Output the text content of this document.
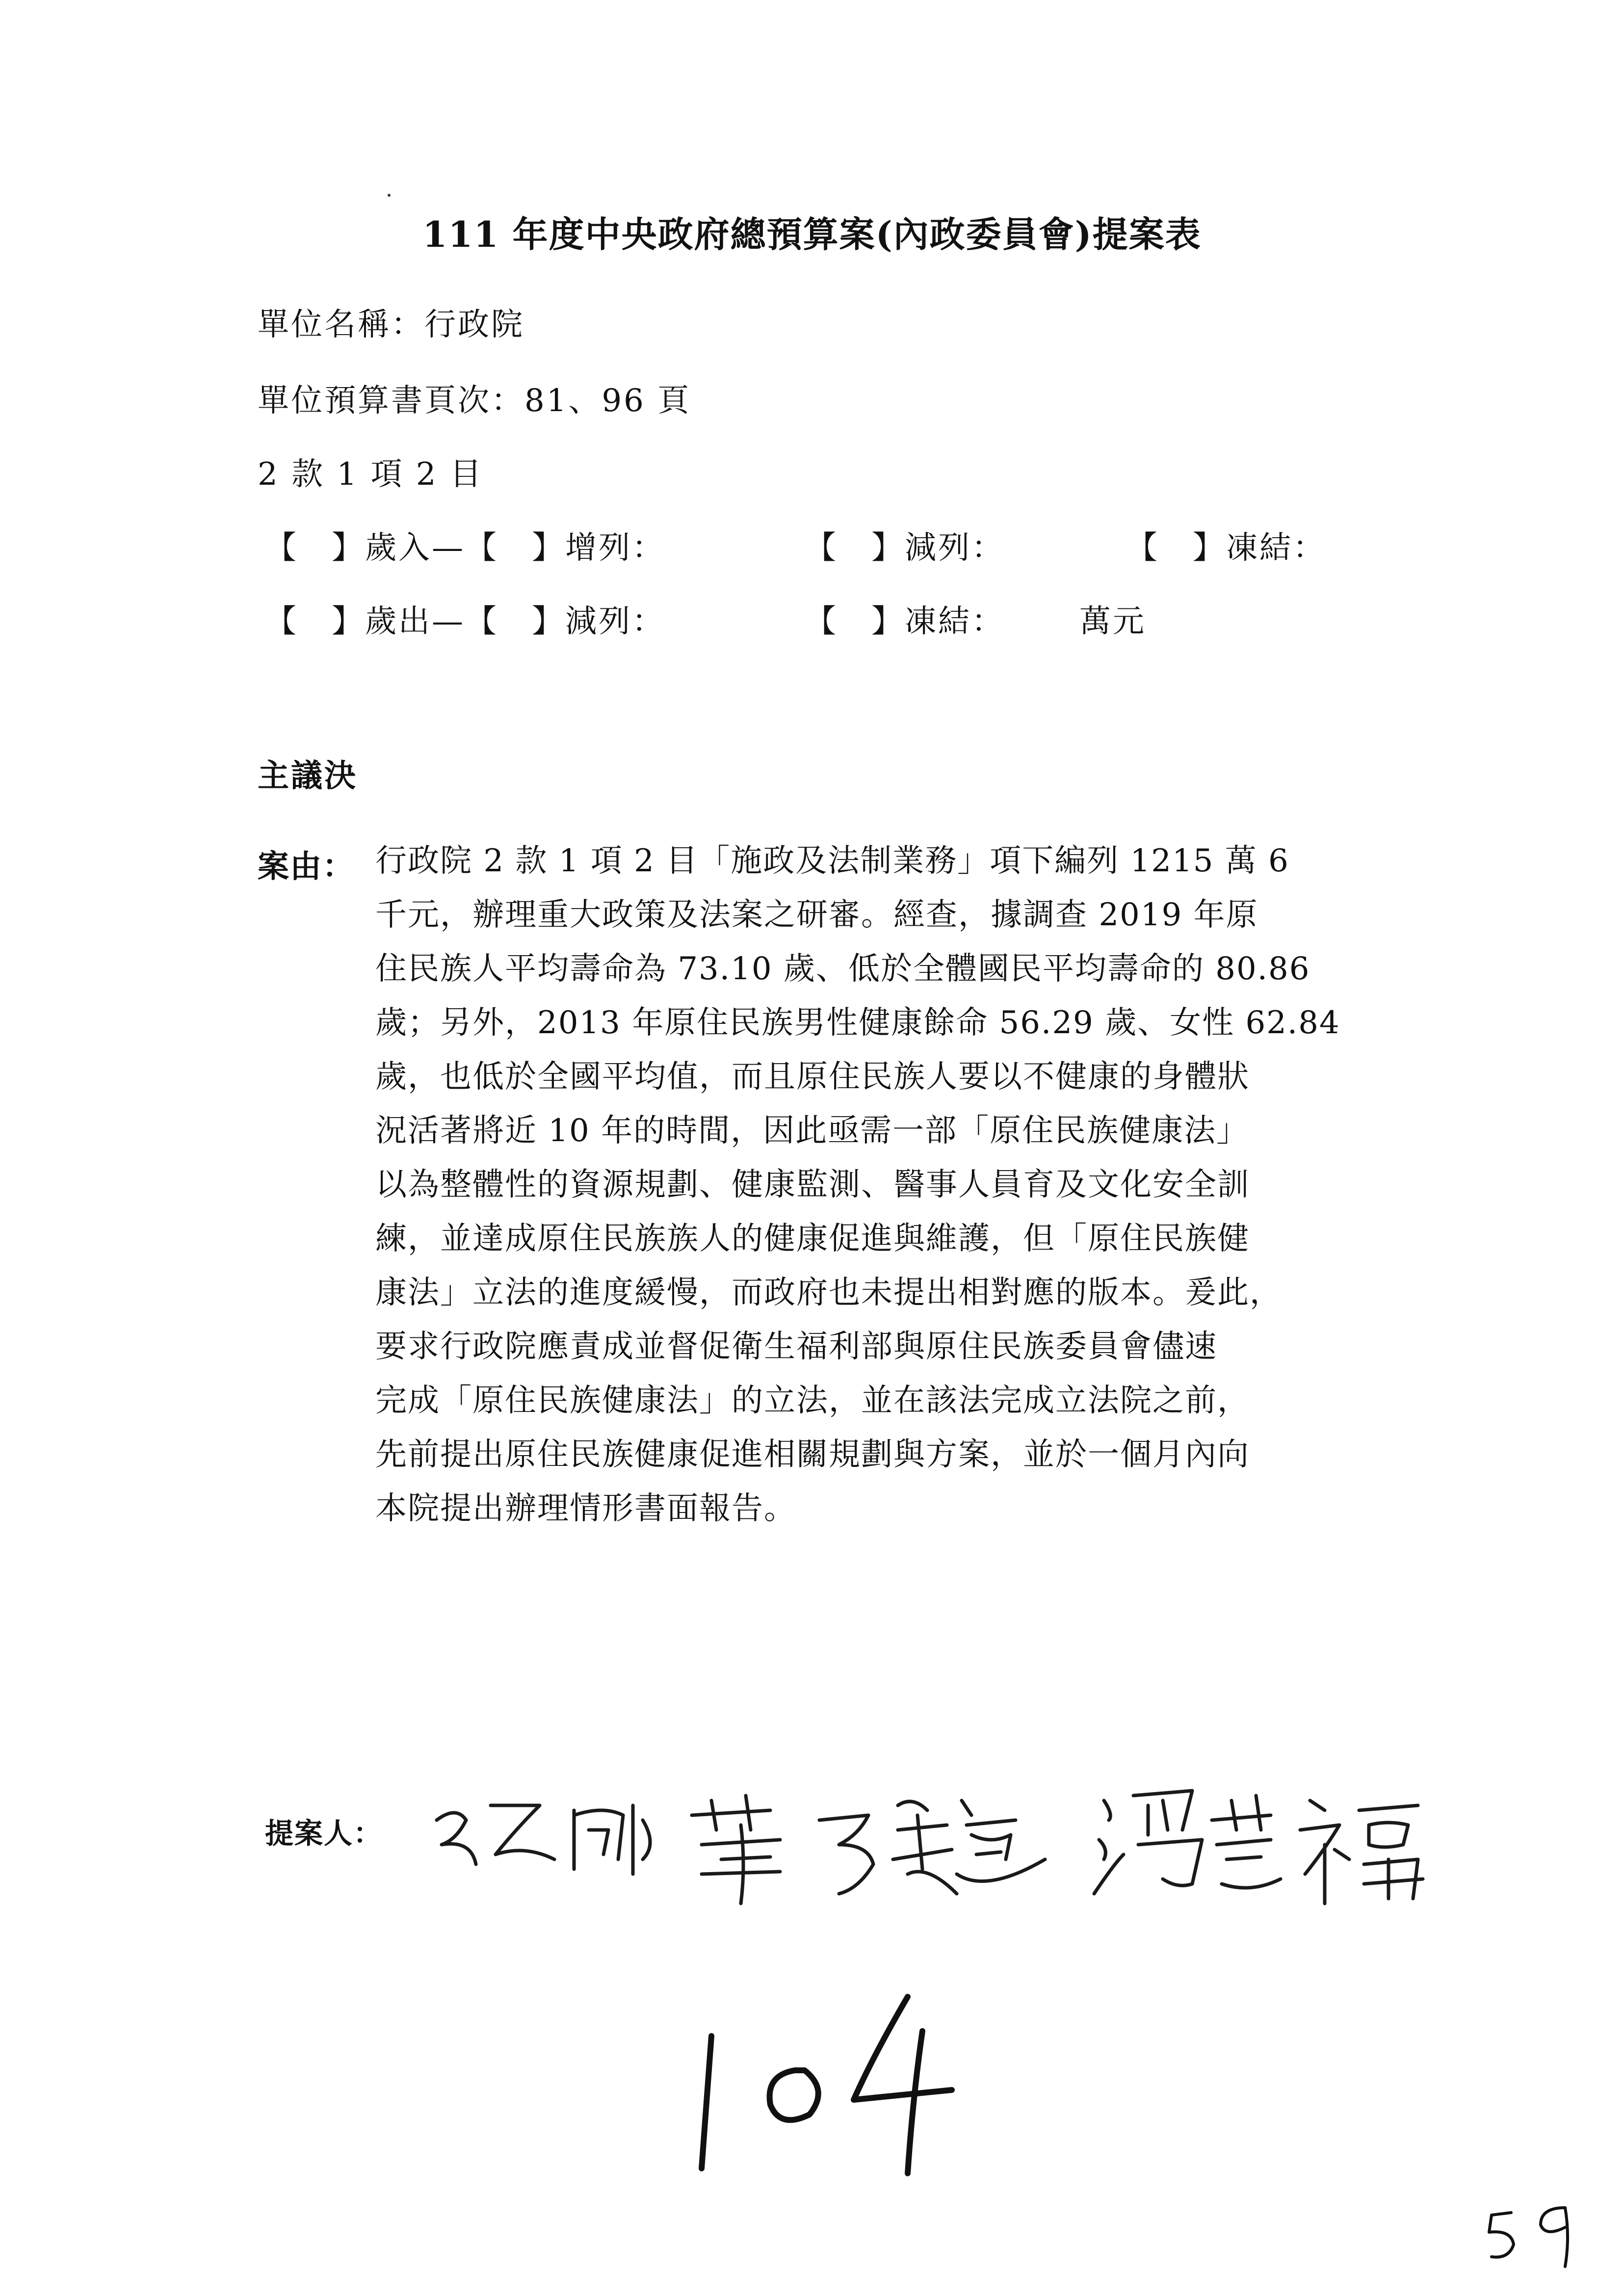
111 年度中央政府總預算案(內政委員會)提案表
單位名稱：行政院
單位預算書頁次：81、96 頁
2 款 1 項 2 目

【　】歲入—【　】增列：

	【　】減列：

	【　】凍結：

【　】歲出—【　】減列：

	【　】凍結：

萬元

主議決
案由： 行政院 2 款 1 項 2 目「施政及法制業務」項下編列 1215 萬 6
千元，辦理重大政策及法案之研審。經查，據調查 2019 年原
住民族人平均壽命為 73.10 歲、低於全體國民平均壽命的 80.86
歲；另外，2013 年原住民族男性健康餘命 56.29 歲、女性 62.84
歲，也低於全國平均值，而且原住民族人要以不健康的身體狀
況活著將近 10 年的時間，因此亟需一部「原住民族健康法」
以為整體性的資源規劃、健康監測、醫事人員育及文化安全訓
練，並達成原住民族族人的健康促進與維護，但「原住民族健
康法」立法的進度緩慢，而政府也未提出相對應的版本。爰此，
要求行政院應責成並督促衛生福利部與原住民族委員會儘速
完成「原住民族健康法」的立法，並在該法完成立法院之前，
先前提出原住民族健康促進相關規劃與方案，並於一個月內向
本院提出辦理情形書面報告。
提案人：
